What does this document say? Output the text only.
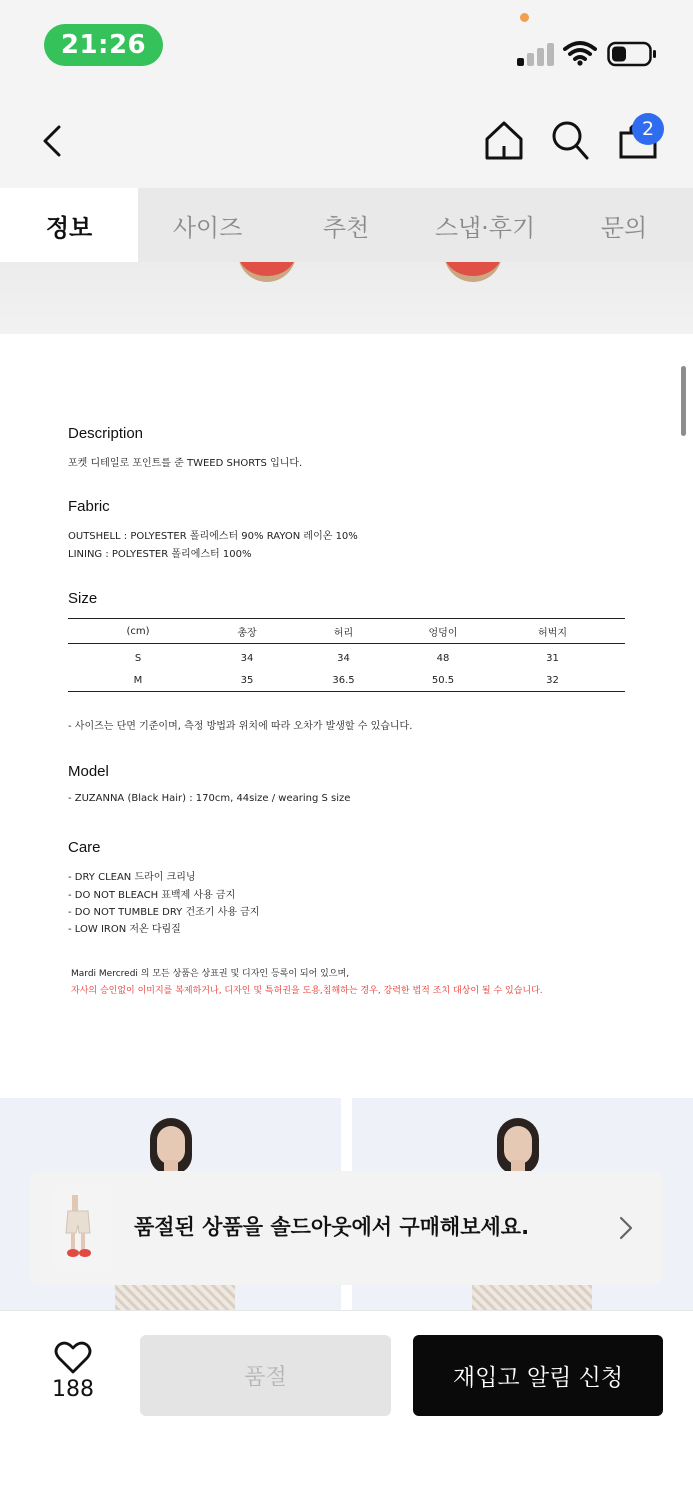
21:26
2
정보	사이즈	추천	스냅·후기	문의
Description
포켓 디테일로 포인트를 준 TWEED SHORTS 입니다.
Fabric
OUTSHELL : POLYESTER 폴리에스터 90% RAYON 레이온 10%
LINING : POLYESTER 폴리에스터 100%
Size
(cm)	총장	허리	엉덩이	허벅지
S	34	34	48	31
M	35	36.5	50.5	32
- 사이즈는 단면 기준이며, 측정 방법과 위치에 따라 오차가 발생할 수 있습니다.
Model
- ZUZANNA (Black Hair) : 170cm, 44size / wearing S size
Care
- DRY CLEAN 드라이 크리닝
- DO NOT BLEACH 표백제 사용 금지
- DO NOT TUMBLE DRY 건조기 사용 금지
- LOW IRON 저온 다림질
Mardi Mercredi 의 모든 상품은 상표권 및 디자인 등록이 되어 있으며,
자사의 승인없이 이미지를 복제하거나, 디자인 및 특허권을 도용,침해하는 경우, 강력한 법적 조치 대상이 될 수 있습니다.
품절된 상품을 솔드아웃에서 구매해보세요.
188	품절	재입고 알림 신청
